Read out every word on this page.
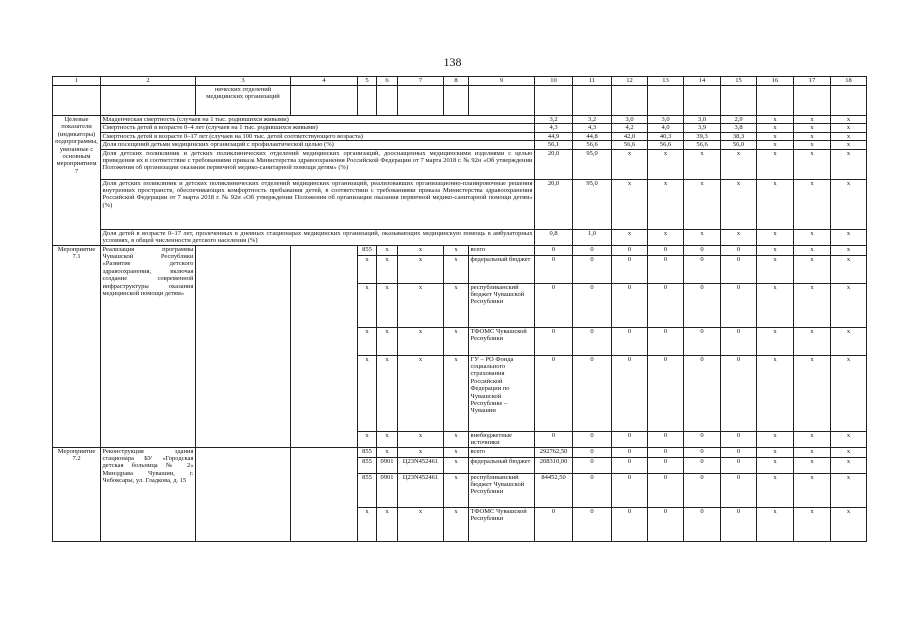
138
1	2	3	4	5	6	7	8	9	10	11	12	13	14	15	16	17	18
		нических отделений медицинских организаций															
Целевые показатели (индикаторы) подпрограммы, увязанные с основным мероприятием 7	Младенческая смертность (случаев на 1 тыс. родившихся живыми)								3,2	3,2	3,0	3,0	3,0	2,9	x	x	x
	Смертность детей в возрасте 0–4 лет (случаев на 1 тыс. родившихся живыми)								4,3	4,3	4,2	4,0	3,9	3,8	x	x	x
	Смертность детей в возрасте 0–17 лет (случаев на 100 тыс. детей соответствующего возраста)								44,9	44,8	42,0	40,3	39,3	38,3	x	x	x
	Доля посещений детьми медицинских организаций с профилактической целью (%)								56,1	56,6	56,6	56,6	56,6	56,0	x	x	x
	Доля детских поликлиник и детских поликлинических отделений медицинских организаций, дооснащенных медицинскими изделиями с целью приведения их в соответствие с требованиями приказа Министерства здравоохранения Российской Федерации от 7 марта 2018 г. № 92н «Об утверждении Положения об организации оказания первичной медико-санитарной помощи детям» (%)								20,0	95,0	x	x	x	x	x	x	x
	Доля детских поликлиник и детских поликлинических отделений медицинских организаций, реализовавших организационно-планировочные решения внутренних пространств, обеспечивающих комфортность пребывания детей, в соответствии с требованиями приказа Министерства здравоохранения Российской Федерации от 7 марта 2018 г. № 92н «Об утверждении Положения об организации оказания первичной медико-санитарной помощи детям» (%)								20,0	95,0	x	x	x	x	x	x	x
	Доля детей в возрасте 0–17 лет, пролеченных в дневных стационарах медицинских организаций, оказывающих медицинскую помощь в амбулаторных условиях, в общей численности детского населения (%)								0,8	1,0	x	x	x	x	x	x	x
Мероприятие 7.1	Реализация программы Чувашской Республики «Развитие детского здравоохранения, включая создание современной инфраструктуры оказания медицинской помощи детям»			855	x	x	x	всего	0	0	0	0	0	0	x	x	x
				x	x	x	x	федеральный бюджет	0	0	0	0	0	0	x	x	x
				x	x	x	x	республиканский бюджет Чувашской Республики	0	0	0	0	0	0	x	x	x
				x	x	x	x	ТФОМС Чувашской Республики	0	0	0	0	0	0	x	x	x
				x	x	x	x	ГУ – РО Фонда социального страхования Российской Федерации по Чувашской Республике – Чувашии	0	0	0	0	0	0	x	x	x
				x	x	x	x	внебюджетные источники	0	0	0	0	0	0	x	x	x
Мероприятие 7.2	Реконструкция здания стационара БУ «Городская детская больница № 2» Минздрава Чувашии, г. Чебоксары, ул. Гладкова, д. 15			855	x	x	x	всего	292762,50	0	0	0	0	0	x	x	x
				855	0901	Ц23N452461	x	федеральный бюджет	208310,00	0	0	0	0	0	x	x	x
				855	0901	Ц23N452461	x	республиканский бюджет Чувашской Республики	84452,50	0	0	0	0	0	x	x	x
				x	x	x	x	ТФОМС Чувашской Республики	0	0	0	0	0	0	x	x	x
